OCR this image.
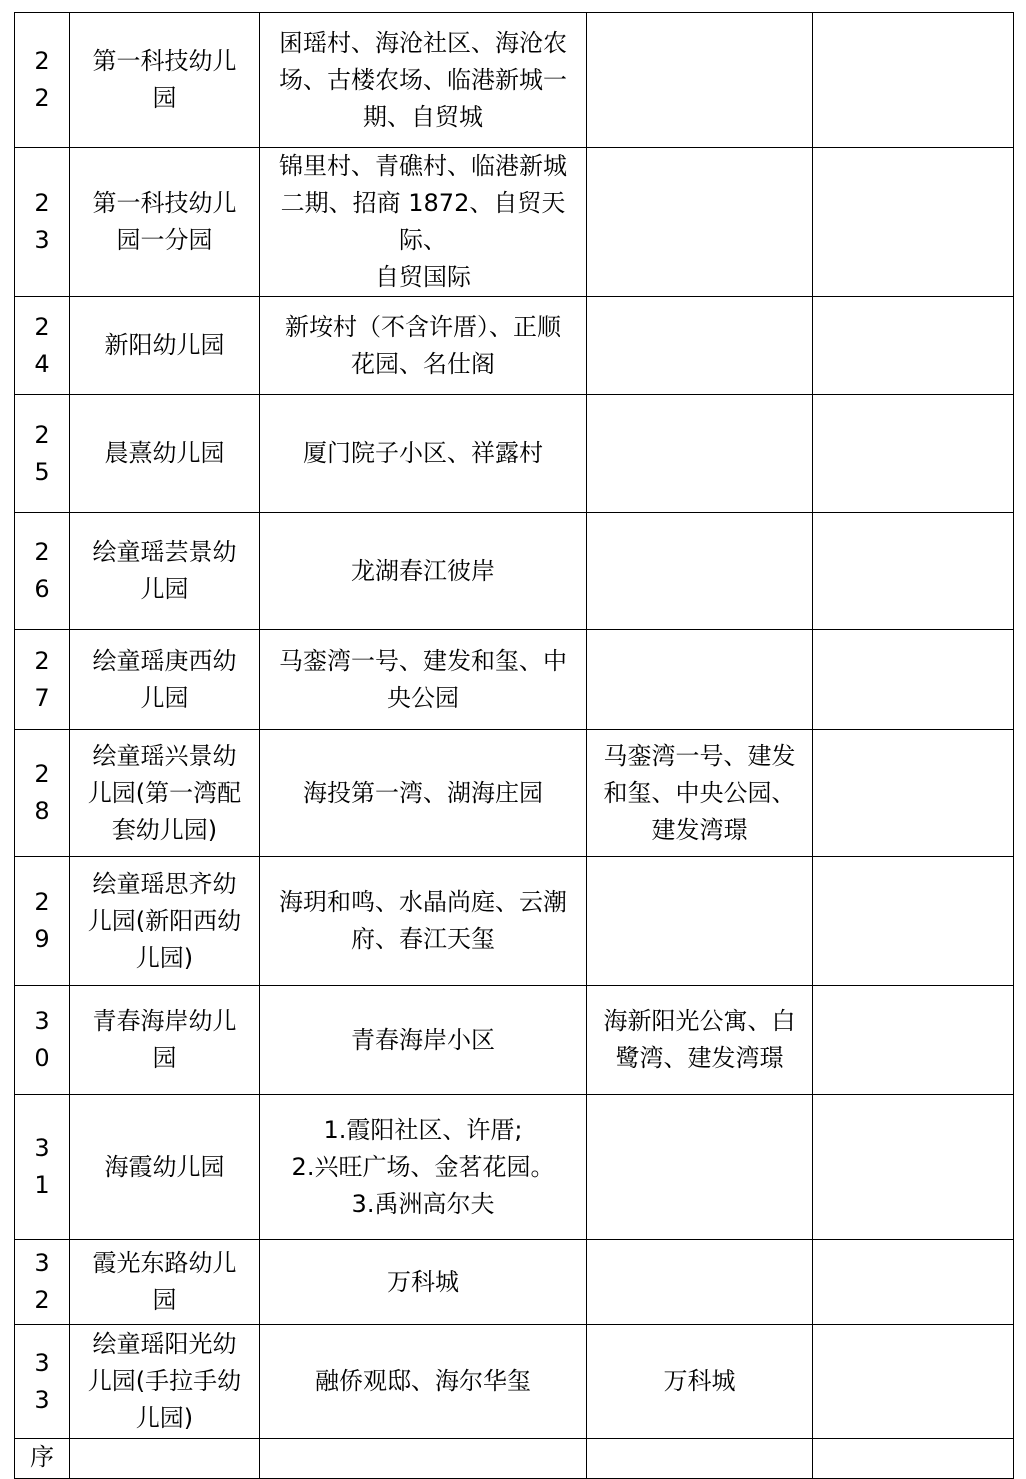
2
2	第一科技幼儿
园	囷瑶村、海沧社区、海沧农
场、古楼农场、临港新城一
期、自贸城		

2
3	第一科技幼儿
园一分园	锦里村、青礁村、临港新城
二期、招商 1872、自贸天际、
自贸国际		

2
4	新阳幼儿园	新垵村（不含许厝）、正顺
花园、名仕阁		

2
5	晨熹幼儿园	厦门院子小区、祥露村		

2
6	绘童瑶芸景幼
儿园	龙湖春江彼岸		

2
7	绘童瑶庚西幼
儿园	马銮湾一号、建发和玺、中
央公园		

2
8	绘童瑶兴景幼
儿园(第一湾配
套幼儿园)	海投第一湾、湖海庄园	马銮湾一号、建发
和玺、中央公园、
建发湾璟	

2
9	绘童瑶思齐幼
儿园(新阳西幼
儿园)	海玥和鸣、水晶尚庭、云潮
府、春江天玺		

3
0	青春海岸幼儿
园	青春海岸小区	海新阳光公寓、白
鹭湾、建发湾璟	

3
1	海霞幼儿园	1.霞阳社区、许厝;
2.兴旺广场、金茗花园。
3.禹洲高尔夫		

3
2	霞光东路幼儿
园	万科城		

3
3	绘童瑶阳光幼
儿园(手拉手幼
儿园)	融侨观邸、海尔华玺	万科城	

序				
